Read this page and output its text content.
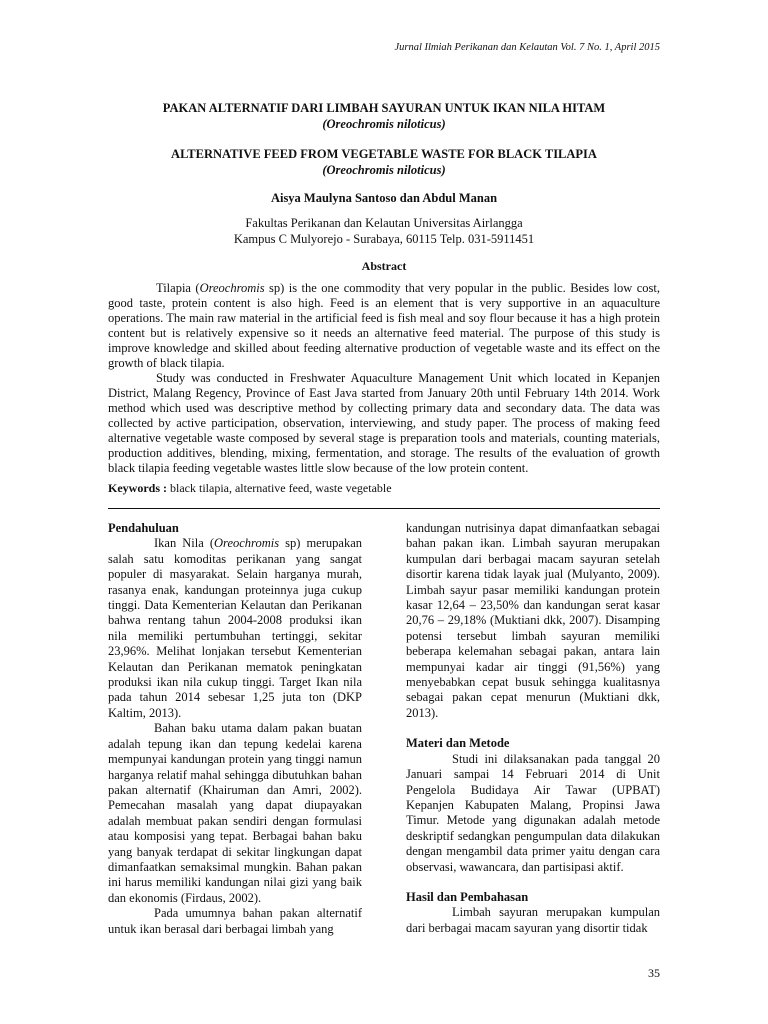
Jurnal Ilmiah Perikanan dan Kelautan Vol. 7 No. 1, April 2015
PAKAN ALTERNATIF DARI LIMBAH SAYURAN UNTUK IKAN NILA HITAM
(Oreochromis niloticus)
ALTERNATIVE FEED FROM VEGETABLE WASTE FOR BLACK TILAPIA
(Oreochromis niloticus)
Aisya Maulyna Santoso dan Abdul Manan
Fakultas Perikanan dan Kelautan Universitas Airlangga
Kampus C Mulyorejo - Surabaya, 60115 Telp. 031-5911451
Abstract

Tilapia (Oreochromis sp) is the one commodity that very popular in the public. Besides low cost, good taste, protein content is also high. Feed is an element that is very supportive in an aquaculture operations. The main raw material in the artificial feed is fish meal and soy flour because it has a high protein content but is relatively expensive so it needs an alternative feed material. The purpose of this study is improve knowledge and skilled about feeding alternative production of vegetable waste and its effect on the growth of black tilapia.

Study was conducted in Freshwater Aquaculture Management Unit which located in Kepanjen District, Malang Regency, Province of East Java started from January 20th until February 14th 2014. Work method which used was descriptive method by collecting primary data and secondary data. The data was collected by active participation, observation, interviewing, and study paper. The process of making feed alternative vegetable waste composed by several stage is preparation tools and materials, counting materials, production additives, blending, mixing, fermentation, and storage. The results of the evaluation of growth black tilapia feeding vegetable wastes little slow because of the low protein content.

Keywords : black tilapia, alternative feed, waste vegetable

Pendahuluan

Ikan Nila (Oreochromis sp) merupakan salah satu komoditas perikanan yang sangat populer di masyarakat. Selain harganya murah, rasanya enak, kandungan proteinnya juga cukup tinggi. Data Kementerian Kelautan dan Perikanan bahwa rentang tahun 2004-2008 produksi ikan nila memiliki pertumbuhan tertinggi, sekitar 23,96%. Melihat lonjakan tersebut Kementerian Kelautan dan Perikanan mematok peningkatan produksi ikan nila cukup tinggi. Target Ikan nila pada tahun 2014 sebesar 1,25 juta ton (DKP Kaltim, 2013).

Bahan baku utama dalam pakan buatan adalah tepung ikan dan tepung kedelai karena mempunyai kandungan protein yang tinggi namun harganya relatif mahal sehingga dibutuhkan bahan pakan alternatif (Khairuman dan Amri, 2002). Pemecahan masalah yang dapat diupayakan adalah membuat pakan sendiri dengan formulasi atau komposisi yang tepat. Berbagai bahan baku yang banyak terdapat di sekitar lingkungan dapat dimanfaatkan semaksimal mungkin. Bahan pakan ini harus memiliki kandungan nilai gizi yang baik dan ekonomis (Firdaus, 2002).

Pada umumnya bahan pakan alternatif untuk ikan berasal dari berbagai limbah yang

kandungan nutrisinya dapat dimanfaatkan sebagai bahan pakan ikan. Limbah sayuran merupakan kumpulan dari berbagai macam sayuran setelah disortir karena tidak layak jual (Mulyanto, 2009). Limbah sayur pasar memiliki kandungan protein kasar 12,64 – 23,50% dan kandungan serat kasar 20,76 – 29,18% (Muktiani dkk, 2007). Disamping potensi tersebut limbah sayuran memiliki beberapa kelemahan sebagai pakan, antara lain mempunyai kadar air tinggi (91,56%) yang menyebabkan cepat busuk sehingga kualitasnya sebagai pakan cepat menurun (Muktiani dkk, 2013).

Materi dan Metode

Studi ini dilaksanakan pada tanggal 20 Januari sampai 14 Februari 2014 di Unit Pengelola Budidaya Air Tawar (UPBAT) Kepanjen Kabupaten Malang, Propinsi Jawa Timur. Metode yang digunakan adalah metode deskriptif sedangkan pengumpulan data dilakukan dengan mengambil data primer yaitu dengan cara observasi, wawancara, dan partisipasi aktif.

Hasil dan Pembahasan

Limbah sayuran merupakan kumpulan dari berbagai macam sayuran yang disortir tidak

35
